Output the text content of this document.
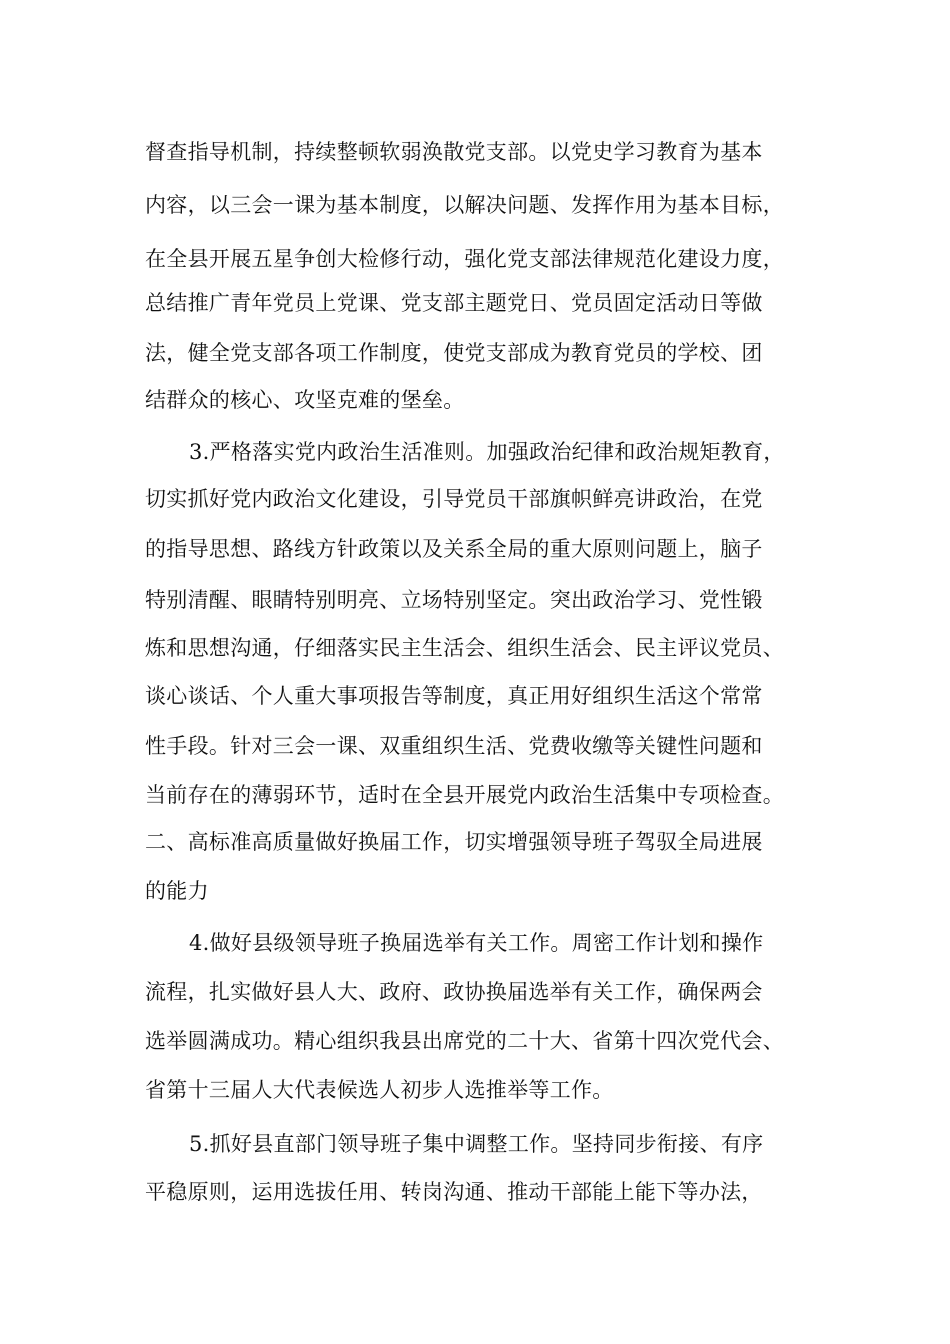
督查指导机制，持续整顿软弱涣散党支部。以党史学习教育为基本
内容，以三会一课为基本制度，以解决问题、发挥作用为基本目标，
在全县开展五星争创大检修行动，强化党支部法律规范化建设力度，
总结推广青年党员上党课、党支部主题党日、党员固定活动日等做
法，健全党支部各项工作制度，使党支部成为教育党员的学校、团
结群众的核心、攻坚克难的堡垒。
3.严格落实党内政治生活准则。加强政治纪律和政治规矩教育，
切实抓好党内政治文化建设，引导党员干部旗帜鲜亮讲政治，在党
的指导思想、路线方针政策以及关系全局的重大原则问题上，脑子
特别清醒、眼睛特别明亮、立场特别坚定。突出政治学习、党性锻
炼和思想沟通，仔细落实民主生活会、组织生活会、民主评议党员、
谈心谈话、个人重大事项报告等制度，真正用好组织生活这个常常
性手段。针对三会一课、双重组织生活、党费收缴等关键性问题和
当前存在的薄弱环节，适时在全县开展党内政治生活集中专项检查。
二、高标准高质量做好换届工作，切实增强领导班子驾驭全局进展
的能力
4.做好县级领导班子换届选举有关工作。周密工作计划和操作
流程，扎实做好县人大、政府、政协换届选举有关工作，确保两会
选举圆满成功。精心组织我县出席党的二十大、省第十四次党代会、
省第十三届人大代表候选人初步人选推举等工作。
5.抓好县直部门领导班子集中调整工作。坚持同步衔接、有序
平稳原则，运用选拔任用、转岗沟通、推动干部能上能下等办法，
